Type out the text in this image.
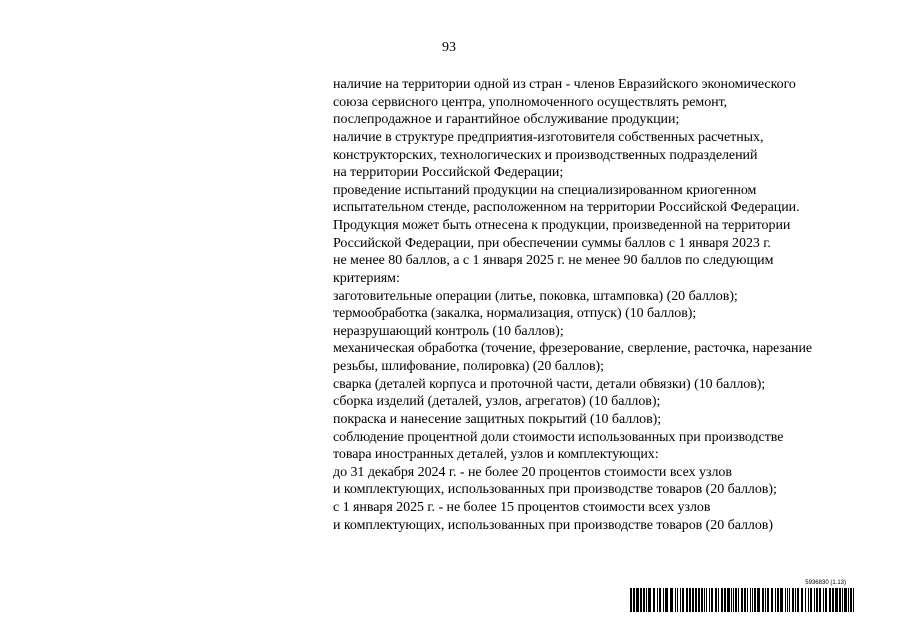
93
наличие на территории одной из стран - членов Евразийского экономического
союза сервисного центра, уполномоченного осуществлять ремонт,
послепродажное и гарантийное обслуживание продукции;
наличие в структуре предприятия-изготовителя собственных расчетных,
конструкторских, технологических и производственных подразделений
на территории Российской Федерации;
проведение испытаний продукции на специализированном криогенном
испытательном стенде, расположенном на территории Российской Федерации.
Продукция может быть отнесена к продукции, произведенной на территории
Российской Федерации, при обеспечении суммы баллов с 1 января 2023 г.
не менее 80 баллов, а с 1 января 2025 г. не менее 90 баллов по следующим
критериям:
заготовительные операции (литье, поковка, штамповка) (20 баллов);
термообработка (закалка, нормализация, отпуск) (10 баллов);
неразрушающий контроль (10 баллов);
механическая обработка (точение, фрезерование, сверление, расточка, нарезание
резьбы, шлифование, полировка) (20 баллов);
сварка (деталей корпуса и проточной части, детали обвязки) (10 баллов);
сборка изделий (деталей, узлов, агрегатов) (10 баллов);
покраска и нанесение защитных покрытий (10 баллов);
соблюдение процентной доли стоимости использованных при производстве
товара иностранных деталей, узлов и комплектующих:
до 31 декабря 2024 г. - не более 20 процентов стоимости всех узлов
и комплектующих, использованных при производстве товаров (20 баллов);
с 1 января 2025 г. - не более 15 процентов стоимости всех узлов
и комплектующих, использованных при производстве товаров (20 баллов)
5936830 (1.13)
